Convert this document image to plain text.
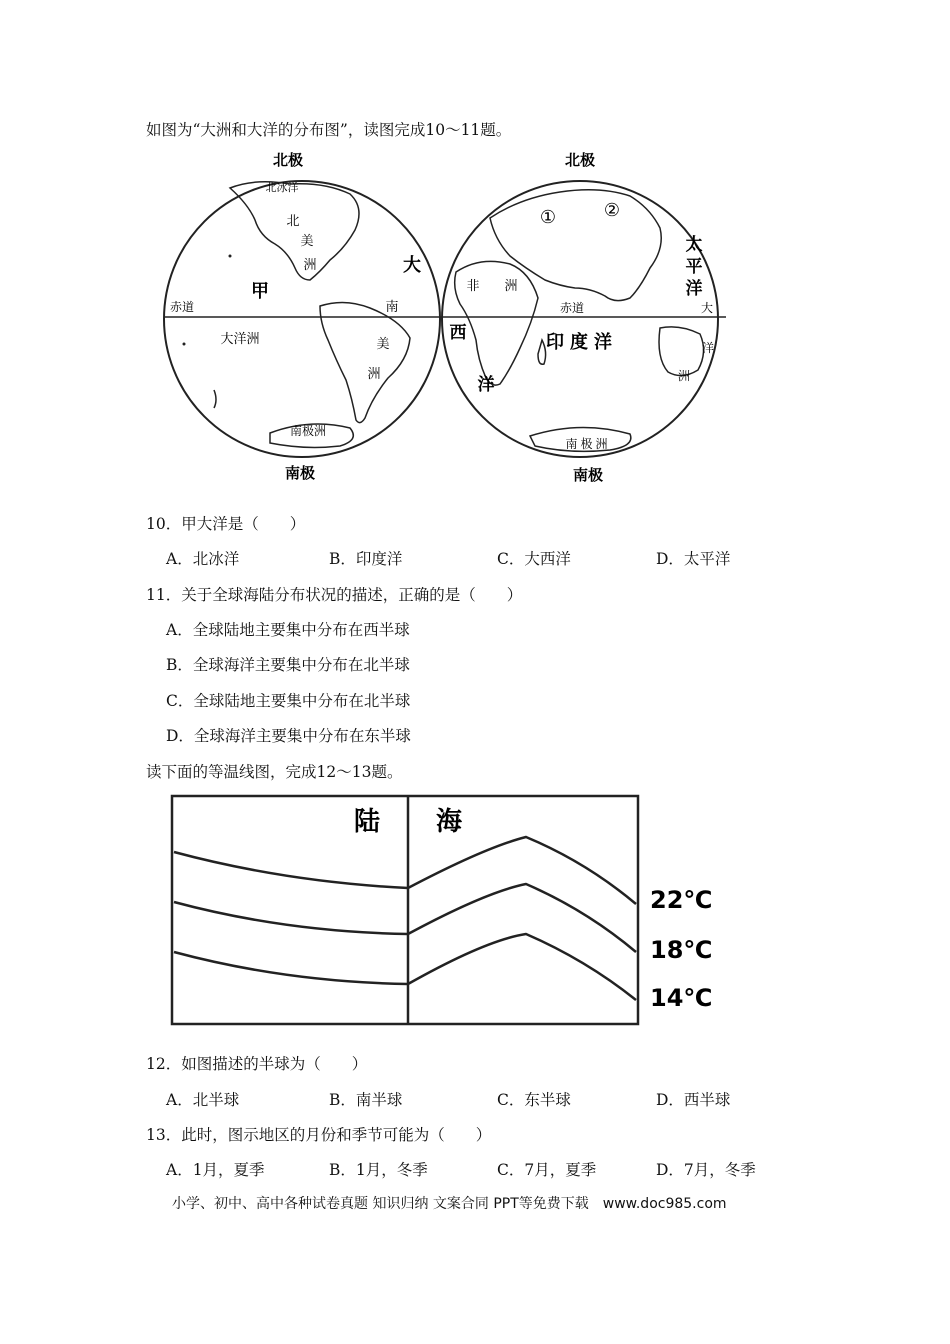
如图为“大洲和大洋的分布图”，读图完成10～11题。
北极
北冰洋
北
美
洲	大
甲
赤道	南
大洋洲	美
洲
南极洲
南极
北极
①	②
太
平
洋
非 洲
赤道	大
西	印度洋	洋
洲
洋
南极洲
南极
10．甲大洋是（　　）
A．北冰洋	B．印度洋	C．大西洋	D．太平洋
11．关于全球海陆分布状况的描述，正确的是（　　）
A．全球陆地主要集中分布在西半球
B．全球海洋主要集中分布在北半球
C．全球陆地主要集中分布在北半球
D．全球海洋主要集中分布在东半球
读下面的等温线图，完成12～13题。
陆 海
22℃
18℃
14℃
12．如图描述的半球为（　　）
A．北半球	B．南半球	C．东半球	D．西半球
13．此时，图示地区的月份和季节可能为（　　）
A．1月，夏季	B．1月，冬季	C．7月，夏季	D．7月，冬季
小学、初中、高中各种试卷真题 知识归纳 文案合同 PPT等免费下载　www.doc985.com
